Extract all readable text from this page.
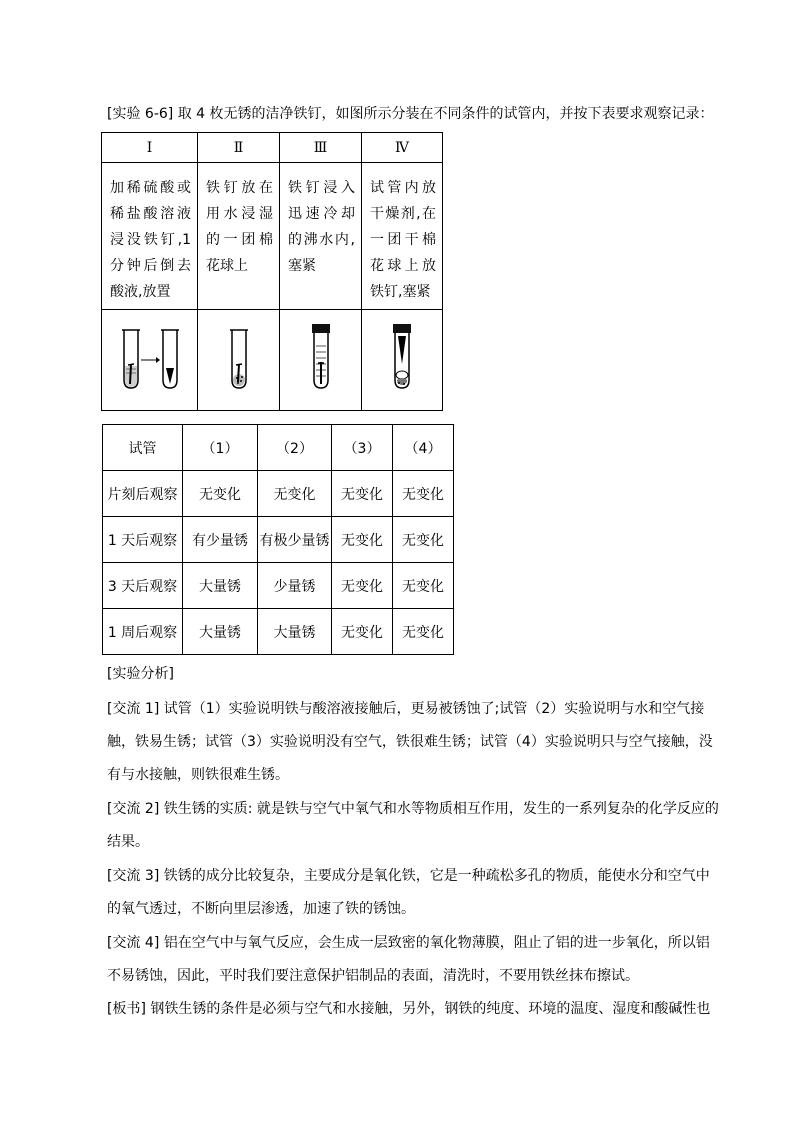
[实验 6-6] 取 4 枚无锈的洁净铁钉，如图所示分装在不同条件的试管内，并按下表要求观察记录：
Ⅰ	Ⅱ	Ⅲ	Ⅳ

加稀硫酸或稀盐酸溶液浸没铁钉,1分钟后倒去酸液,放置	铁钉放在用水浸湿的一团棉花球上	铁钉浸入迅速冷却的沸水内,塞紧	试管内放干燥剂,在一团干棉花球上放铁钉,塞紧

试管	（1）	（2）	（3）	（4）
片刻后观察	无变化	无变化	无变化	无变化
1 天后观察	有少量锈	有极少量锈	无变化	无变化
3 天后观察	大量锈	少量锈	无变化	无变化
1 周后观察	大量锈	大量锈	无变化	无变化
[实验分析]
[交流 1] 试管（1）实验说明铁与酸溶液接触后，更易被锈蚀了;试管（2）实验说明与水和空气接触，铁易生锈；试管（3）实验说明没有空气，铁很难生锈；试管（4）实验说明只与空气接触，没有与水接触，则铁很难生锈。
[交流 2] 铁生锈的实质: 就是铁与空气中氧气和水等物质相互作用，发生的一系列复杂的化学反应的结果。
[交流 3] 铁锈的成分比较复杂，主要成分是氧化铁，它是一种疏松多孔的物质，能使水分和空气中的氧气透过，不断向里层渗透，加速了铁的锈蚀。
[交流 4] 铝在空气中与氧气反应，会生成一层致密的氧化物薄膜，阻止了铝的进一步氧化，所以铝不易锈蚀，因此，平时我们要注意保护铝制品的表面，清洗时，不要用铁丝抹布擦试。
[板书] 钢铁生锈的条件是必须与空气和水接触，另外，钢铁的纯度、环境的温度、湿度和酸碱性也
